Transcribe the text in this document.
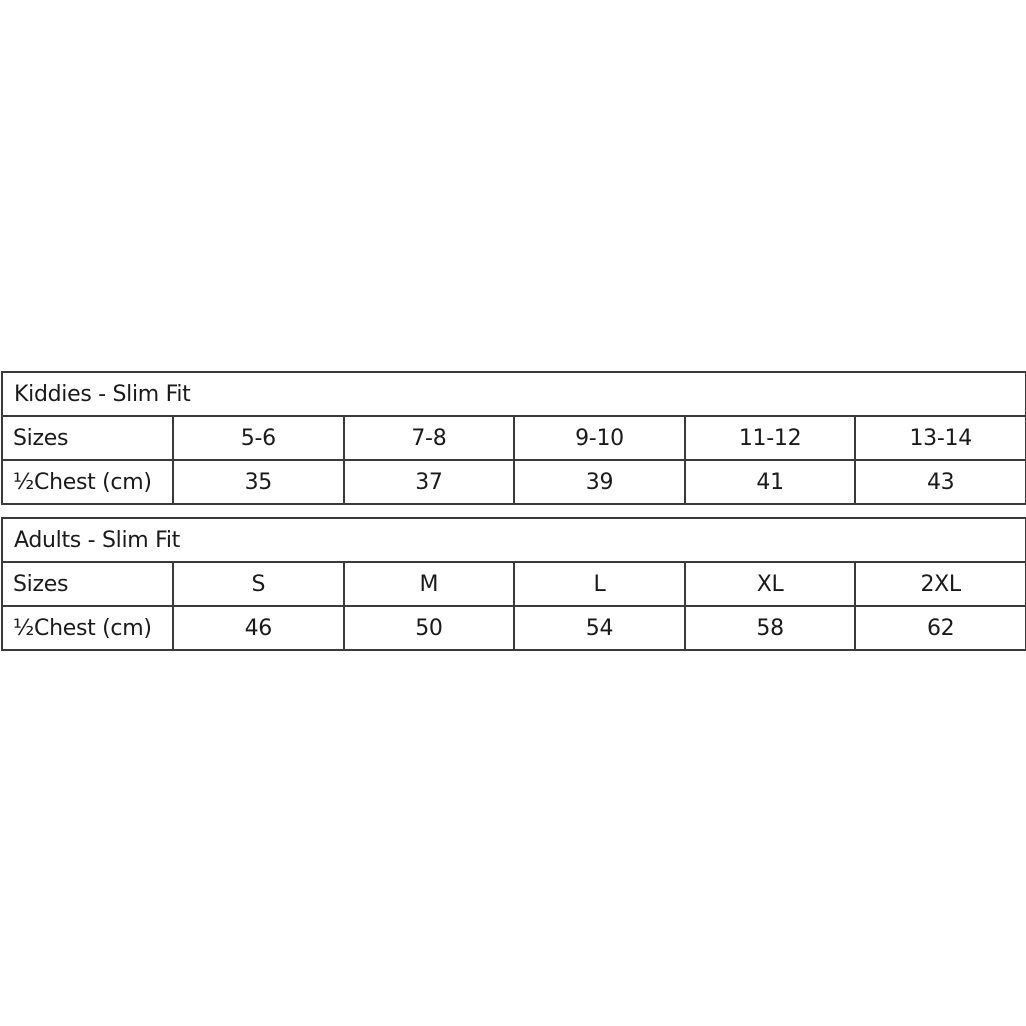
Kiddies - Slim Fit					
Sizes	5-6	7-8	9-10	11-12	13-14
½Chest (cm)	35	37	39	41	43
Adults - Slim Fit					
Sizes	S	M	L	XL	2XL
½Chest (cm)	46	50	54	58	62
